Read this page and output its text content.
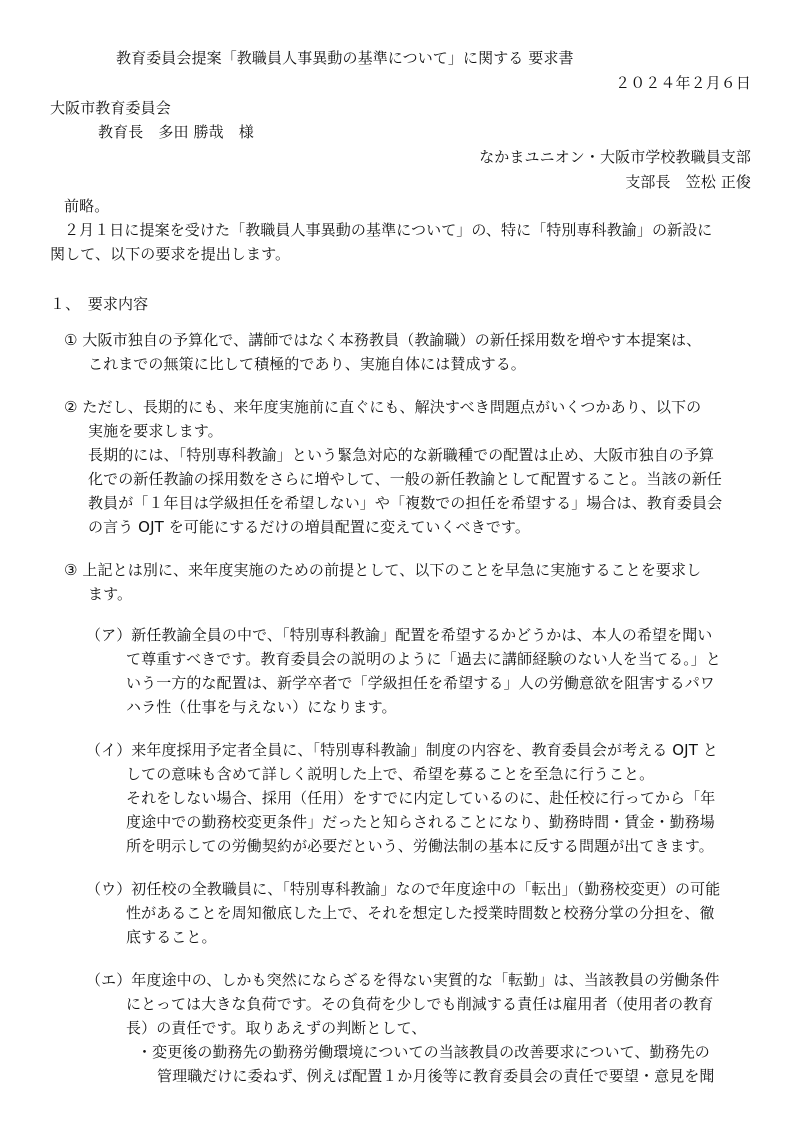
教育委員会提案「教職員人事異動の基準について」に関する 要求書
２０２４年２月６日
大阪市教育委員会
教育長　多田 勝哉　様
なかまユニオン・大阪市学校教職員支部
支部長　笠松 正俊
前略。
２月１日に提案を受けた「教職員人事異動の基準について」の、特に「特別専科教諭」の新設に
関して、以下の要求を提出します。
１、　要求内容
① 大阪市独自の予算化で、講師ではなく本務教員（教諭職）の新任採用数を増やす本提案は、
これまでの無策に比して積極的であり、実施自体には賛成する。
② ただし、長期的にも、来年度実施前に直ぐにも、解決すべき問題点がいくつかあり、以下の
実施を要求します。
長期的には、「特別専科教諭」という緊急対応的な新職種での配置は止め、大阪市独自の予算
化での新任教諭の採用数をさらに増やして、一般の新任教諭として配置すること。当該の新任
教員が「１年目は学級担任を希望しない」や「複数での担任を希望する」場合は、教育委員会
の言う OJT を可能にするだけの増員配置に変えていくべきです。
③ 上記とは別に、来年度実施のための前提として、以下のことを早急に実施することを要求し
ます。
（ア）新任教諭全員の中で、「特別専科教諭」配置を希望するかどうかは、本人の希望を聞い
て尊重すべきです。教育委員会の説明のように「過去に講師経験のない人を当てる。」と
いう一方的な配置は、新学卒者で「学級担任を希望する」人の労働意欲を阻害するパワ
ハラ性（仕事を与えない）になります。
（イ）来年度採用予定者全員に、「特別専科教諭」制度の内容を、教育委員会が考える OJT と
しての意味も含めて詳しく説明した上で、希望を募ることを至急に行うこと。
それをしない場合、採用（任用）をすでに内定しているのに、赴任校に行ってから「年
度途中での勤務校変更条件」だったと知らされることになり、勤務時間・賃金・勤務場
所を明示しての労働契約が必要だという、労働法制の基本に反する問題が出てきます。
（ウ）初任校の全教職員に、「特別専科教諭」なので年度途中の「転出」（勤務校変更）の可能
性があることを周知徹底した上で、それを想定した授業時間数と校務分掌の分担を、徹
底すること。
（エ）年度途中の、しかも突然にならざるを得ない実質的な「転勤」は、当該教員の労働条件
にとっては大きな負荷です。その負荷を少しでも削減する責任は雇用者（使用者の教育
長）の責任です。取りあえずの判断として、
・変更後の勤務先の勤務労働環境についての当該教員の改善要求について、勤務先の
管理職だけに委ねず、例えば配置１か月後等に教育委員会の責任で要望・意見を聞
